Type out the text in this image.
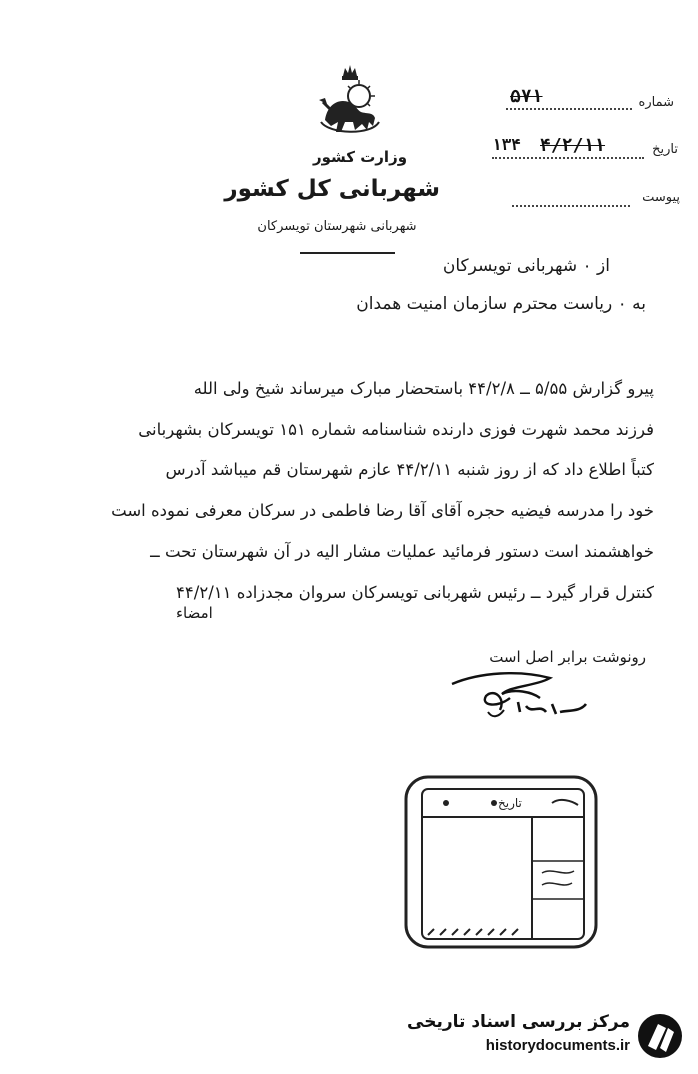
وزارت کشور
شهربانی کل کشور
شهربانی شهرستان تویسرکان
شماره
۵۷۱
تاریخ
۴/۲/۱۱
۱۳۴
پیوست
از ۰ شهربانی تویسرکان
به ۰ ریاست محترم سازمان امنیت همدان
پیرو گزارش ۵/۵۵ ــ ۴۴/۲/۸ باستحضار مبارک میرساند شیخ ولی الله
فرزند محمد شهرت فوزی دارنده شناسنامه شماره ۱۵۱ تویسرکان بشهربانی
کتباً اطلاع داد که از روز شنبه ۴۴/۲/۱۱ عازم شهرستان قم میباشد آدرس
خود را مدرسه فیضیه حجره آقای آقا رضا فاطمی در سرکان معرفی نموده است
خواهشمند است دستور فرمائید عملیات مشار الیه در آن شهرستان تحت ــ
کنترل قرار گیرد ــ رئیس شهربانی تویسرکان سروان مجدزاده ۴۴/۲/۱۱
امضاء
رونوشت برابر اصل است
تاریخ
مرکز بررسی اسناد تاریخی
historydocuments.ir
